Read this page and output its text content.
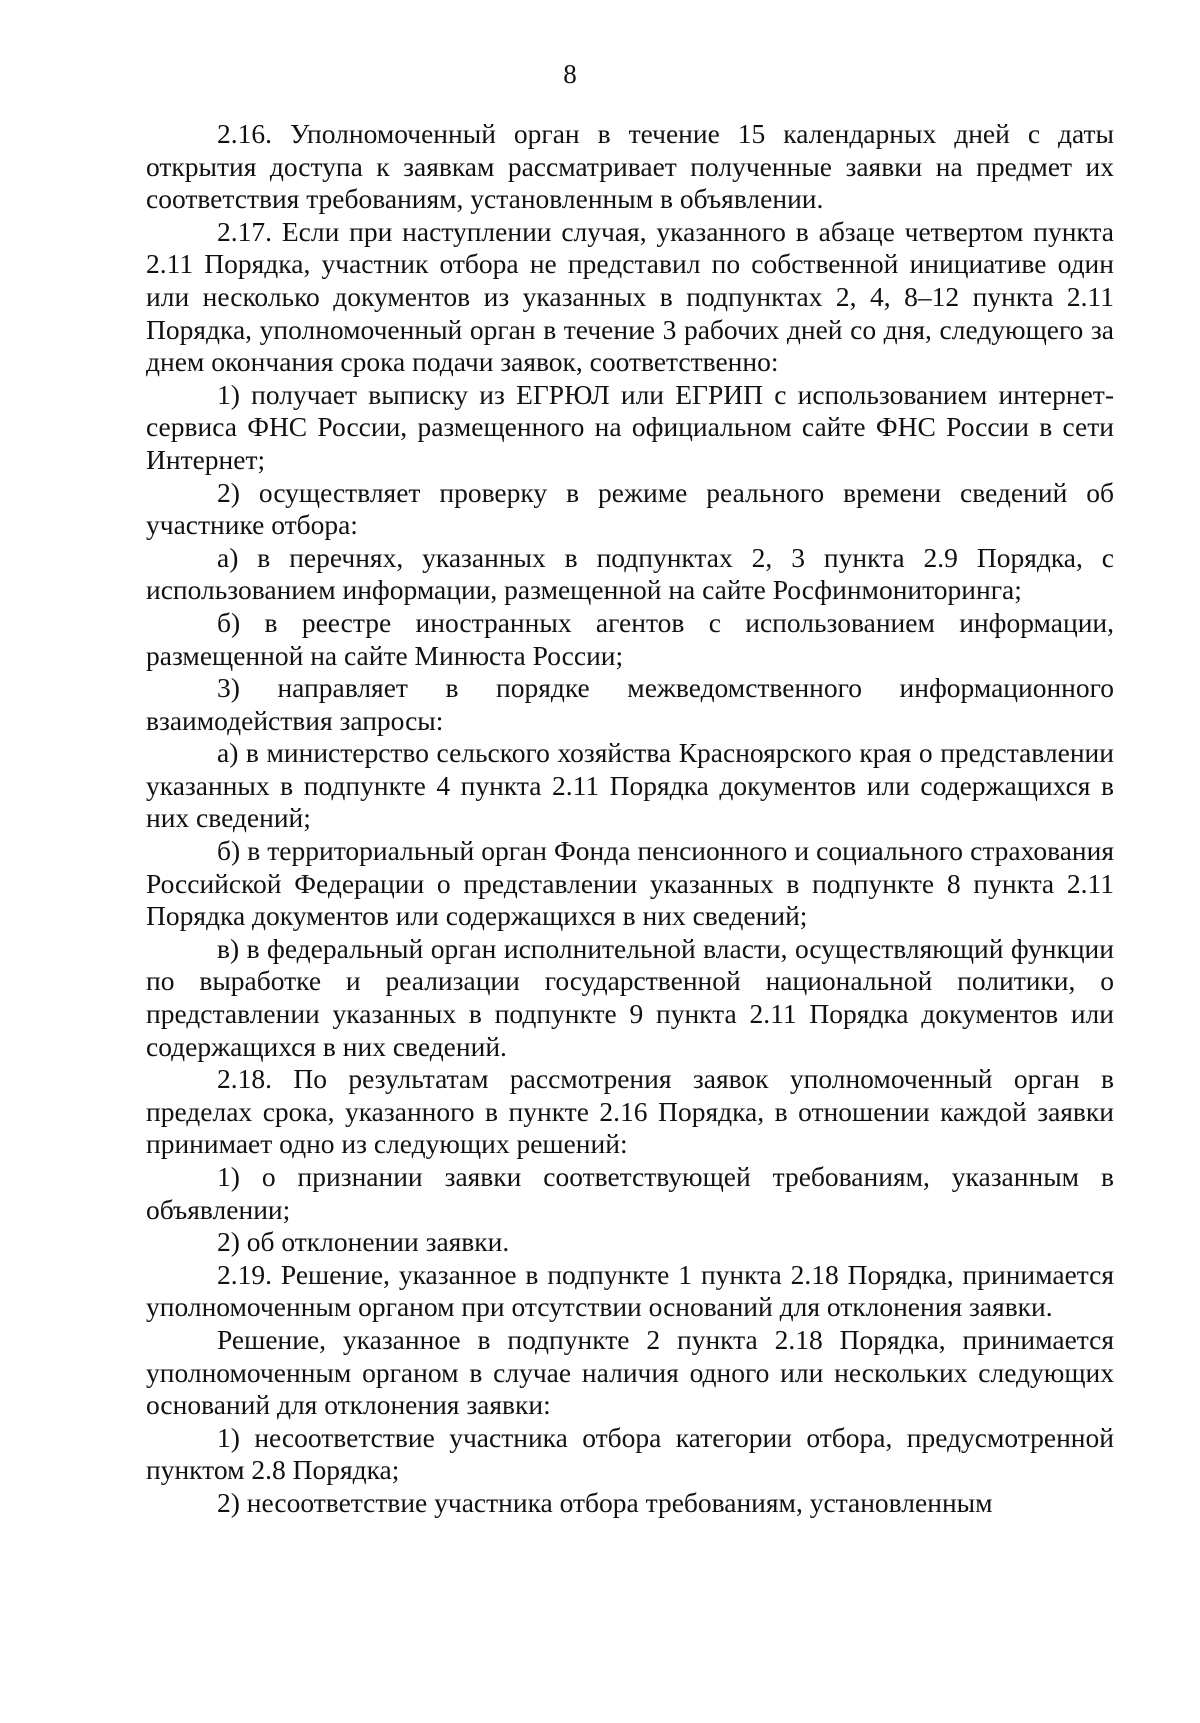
8

2.16. Уполномоченный орган в течение 15 календарных дней с даты открытия доступа к заявкам рассматривает полученные заявки на предмет их соответствия требованиям, установленным в объявлении.

2.17. Если при наступлении случая, указанного в абзаце четвертом пункта 2.11 Порядка, участник отбора не представил по собственной инициативе один или несколько документов из указанных в подпунктах 2, 4, 8–12 пункта 2.11 Порядка, уполномоченный орган в течение 3 рабочих дней со дня, следующего за днем окончания срока подачи заявок, соответственно:

1) получает выписку из ЕГРЮЛ или ЕГРИП с использованием интернет-сервиса ФНС России, размещенного на официальном сайте ФНС России в сети Интернет;

2) осуществляет проверку в режиме реального времени сведений об участнике отбора:

а) в перечнях, указанных в подпунктах 2, 3 пункта 2.9 Порядка, с использованием информации, размещенной на сайте Росфинмониторинга;

б) в реестре иностранных агентов с использованием информации, размещенной на сайте Минюста России;

3) направляет в порядке межведомственного информационного взаимодействия запросы:

а) в министерство сельского хозяйства Красноярского края о представлении указанных в подпункте 4 пункта 2.11 Порядка документов или содержащихся в них сведений;

б) в территориальный орган Фонда пенсионного и социального страхования Российской Федерации о представлении указанных в подпункте 8 пункта 2.11 Порядка документов или содержащихся в них сведений;

в) в федеральный орган исполнительной власти, осуществляющий функции по выработке и реализации государственной национальной политики, о представлении указанных в подпункте 9 пункта 2.11 Порядка документов или содержащихся в них сведений.

2.18. По результатам рассмотрения заявок уполномоченный орган в пределах срока, указанного в пункте 2.16 Порядка, в отношении каждой заявки принимает одно из следующих решений:

1) о признании заявки соответствующей требованиям, указанным в объявлении;

2) об отклонении заявки.

2.19. Решение, указанное в подпункте 1 пункта 2.18 Порядка, принимается уполномоченным органом при отсутствии оснований для отклонения заявки.

Решение, указанное в подпункте 2 пункта 2.18 Порядка, принимается уполномоченным органом в случае наличия одного или нескольких следующих оснований для отклонения заявки:

1) несоответствие участника отбора категории отбора, предусмотренной пунктом 2.8 Порядка;

2) несоответствие участника отбора требованиям, установленным
